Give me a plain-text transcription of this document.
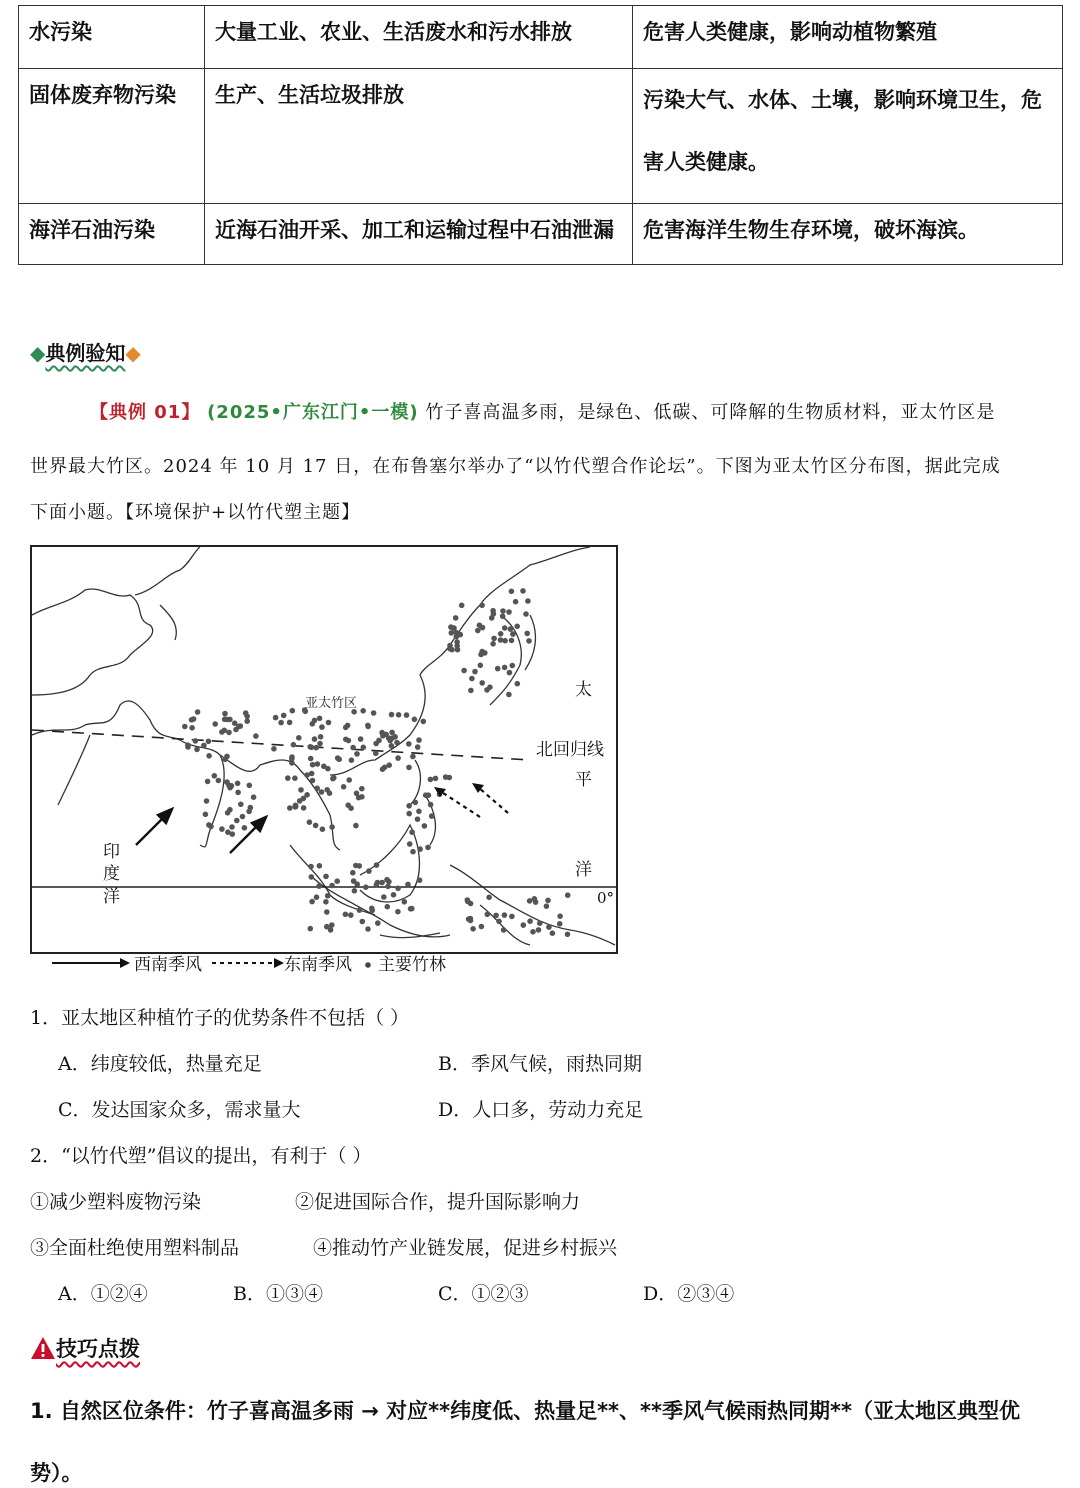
水污染	大量工业、农业、生活废水和污水排放	危害人类健康，影响动植物繁殖
固体废弃物污染	生产、生活垃圾排放	污染大气、水体、土壤，影响环境卫生，危害人类健康。
海洋石油污染	近海石油开采、加工和运输过程中石油泄漏	危害海洋生物生存环境，破坏海滨。
◆典例验知◆
【典例 01】 (2025•广东江门•一模) 竹子喜高温多雨，是绿色、低碳、可降解的生物质材料，亚太竹区是
世界最大竹区。2024 年 10 月 17 日，在布鲁塞尔举办了“以竹代塑合作论坛”。下图为亚太竹区分布图，据此完成
下面小题。【环境保护+以竹代塑主题】
亚太竹区
北回归线
太
平
洋
印
度
洋	0°
西南季风	东南季风 主要竹林
1．亚太地区种植竹子的优势条件不包括（ ）
A．纬度较低，热量充足	B．季风气候，雨热同期
C．发达国家众多，需求量大	D．人口多，劳动力充足
2．“以竹代塑”倡议的提出，有利于（ ）
①减少塑料废物污染	②促进国际合作，提升国际影响力
③全面杜绝使用塑料制品	④推动竹产业链发展，促进乡村振兴
A．①②④	B．①③④	C．①②③	D．②③④
技巧点拨
1. 自然区位条件：竹子喜高温多雨 → 对应**纬度低、热量足**、**季风气候雨热同期**（亚太地区典型优
势）。
